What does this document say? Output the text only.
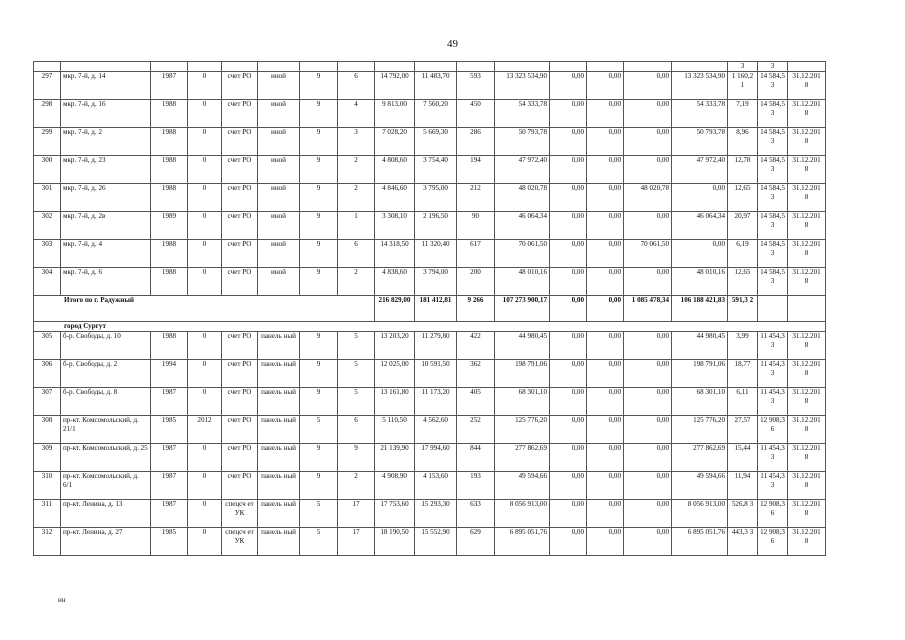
49
																3	3	
297	мкр. 7-й, д. 14	1987	0	счет РО	иной	9	6	14 792,00	11 483,70	593	13 323 534,90	0,00	0,00	0,00	13 323 534,90	1 160,2 1	14 584,5 3	31.12.201 8
298	мкр. 7-й, д. 16	1988	0	счет РО	иной	9	4	9 813,00	7 560,20	450	54 333,78	0,00	0,00	0,00	54 333,78	7,19	14 584,5 3	31.12.201 8
299	мкр. 7-й, д. 2	1988	0	счет РО	иной	9	3	7 028,20	5 669,30	286	50 793,78	0,00	0,00	0,00	50 793,78	8,96	14 584,5 3	31.12.201 8
300	мкр. 7-й, д. 23	1988	0	счет РО	иной	9	2	4 808,60	3 754,40	194	47 972,40	0,00	0,00	0,00	47 972,40	12,78	14 584,5 3	31.12.201 8
301	мкр. 7-й, д. 26	1988	0	счет РО	иной	9	2	4 846,60	3 795,00	212	48 020,78	0,00	0,00	48 020,78	0,00	12,65	14 584,5 3	31.12.201 8
302	мкр. 7-й, д. 2в	1989	0	счет РО	иной	9	1	3 308,10	2 196,50	90	46 064,34	0,00	0,00	0,00	46 064,34	20,97	14 584,5 3	31.12.201 8
303	мкр. 7-й, д. 4	1988	0	счет РО	иной	9	6	14 318,50	11 320,40	617	70 061,50	0,00	0,00	70 061,50	0,00	6,19	14 584,5 3	31.12.201 8
304	мкр. 7-й, д. 6	1988	0	счет РО	иной	9	2	4 838,60	3 794,00	200	48 010,16	0,00	0,00	0,00	48 010,16	12,65	14 584,5 3	31.12.201 8
Итого по г. Радужный								216 829,00	181 412,81	9 266	107 273 900,17	0,00	0,00	1 085 478,34	106 188 421,83	591,3 2		
город Сургут																		
305	б-р. Свободы, д. 10	1988	0	счет РО	панель ный	9	5	13 203,20	11 279,80	422	44 980,45	0,00	0,00	0,00	44 980,45	3,99	11 454,3 3	31.12.201 8
306	б-р. Свободы, д. 2	1994	0	счет РО	панель ный	9	5	12 025,00	10 591,50	362	198 791,06	0,00	0,00	0,00	198 791,06	18,77	11 454,3 3	31.12.201 8
307	б-р. Свободы, д. 8	1987	0	счет РО	панель ный	9	5	13 161,80	11 173,20	405	68 301,10	0,00	0,00	0,00	68 301,10	6,11	11 454,3 3	31.12.201 8
308	пр-кт. Комсомольский, д. 21/1	1985	2012	счет РО	панель ный	5	6	5 110,50	4 562,60	252	125 776,20	0,00	0,00	0,00	125 776,20	27,57	12 908,3 6	31.12.201 8
309	пр-кт. Комсомольский, д. 25	1987	0	счет РО	панель ный	9	9	21 139,90	17 994,60	844	277 862,69	0,00	0,00	0,00	277 862,69	15,44	11 454,3 3	31.12.201 8
310	пр-кт. Комсомольский, д. 6/1	1987	0	счет РО	панель ный	9	2	4 908,90	4 153,60	193	49 594,66	0,00	0,00	0,00	49 594,66	11,94	11 454,3 3	31.12.201 8
311	пр-кт. Ленина, д. 13	1987	0	спецсч ет УК	панель ный	5	17	17 753,60	15 293,30	633	8 056 913,00	0,00	0,00	0,00	8 056 913,00	526,8 3	12 908,3 6	31.12.201 8
312	пр-кт. Ленина, д. 27	1985	0	спецсч ет УК	панель ный	5	17	18 190,50	15 552,90	629	6 895 051,76	0,00	0,00	0,00	6 895 051,76	443,3 3	12 908,3 6	31.12.201 8
нн
